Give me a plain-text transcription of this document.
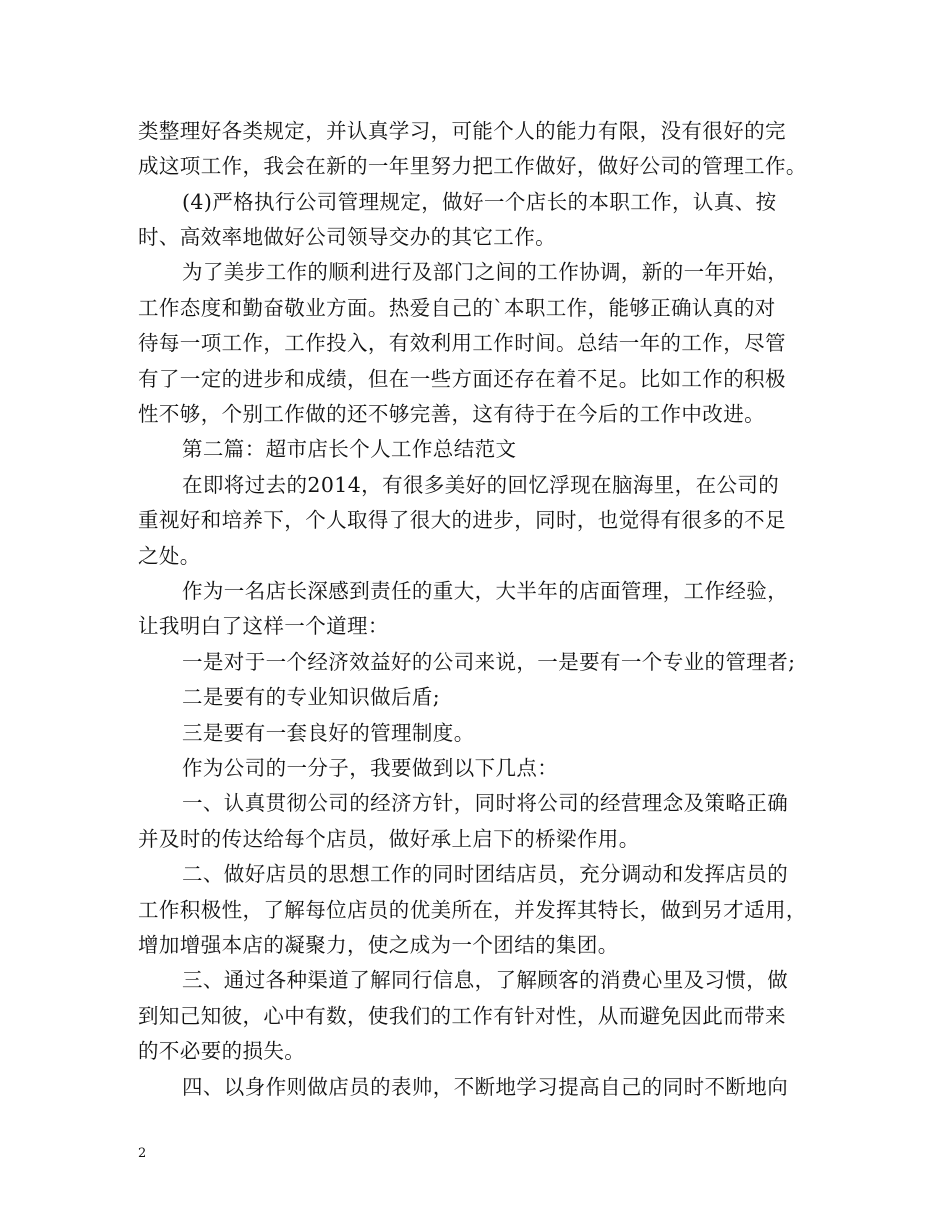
类整理好各类规定，并认真学习，可能个人的能力有限，没有很好的完
成这项工作，我会在新的一年里努力把工作做好，做好公司的管理工作。
(4)严格执行公司管理规定，做好一个店长的本职工作，认真、按
时、高效率地做好公司领导交办的其它工作。
为了美步工作的顺利进行及部门之间的工作协调，新的一年开始，
工作态度和勤奋敬业方面。热爱自己的`本职工作，能够正确认真的对
待每一项工作，工作投入，有效利用工作时间。总结一年的工作，尽管
有了一定的进步和成绩，但在一些方面还存在着不足。比如工作的积极
性不够，个别工作做的还不够完善，这有待于在今后的工作中改进。
第二篇：超市店长个人工作总结范文
在即将过去的2014，有很多美好的回忆浮现在脑海里，在公司的
重视好和培养下，个人取得了很大的进步，同时，也觉得有很多的不足
之处。
作为一名店长深感到责任的重大，大半年的店面管理，工作经验，
让我明白了这样一个道理：
一是对于一个经济效益好的公司来说，一是要有一个专业的管理者;
二是要有的专业知识做后盾;
三是要有一套良好的管理制度。
作为公司的一分子，我要做到以下几点：
一、认真贯彻公司的经济方针，同时将公司的经营理念及策略正确
并及时的传达给每个店员，做好承上启下的桥梁作用。
二、做好店员的思想工作的同时团结店员，充分调动和发挥店员的
工作积极性，了解每位店员的优美所在，并发挥其特长，做到另才适用，
增加增强本店的凝聚力，使之成为一个团结的集团。
三、通过各种渠道了解同行信息，了解顾客的消费心里及习惯，做
到知己知彼，心中有数，使我们的工作有针对性，从而避免因此而带来
的不必要的损失。
四、以身作则做店员的表帅，不断地学习提高自己的同时不断地向
2
